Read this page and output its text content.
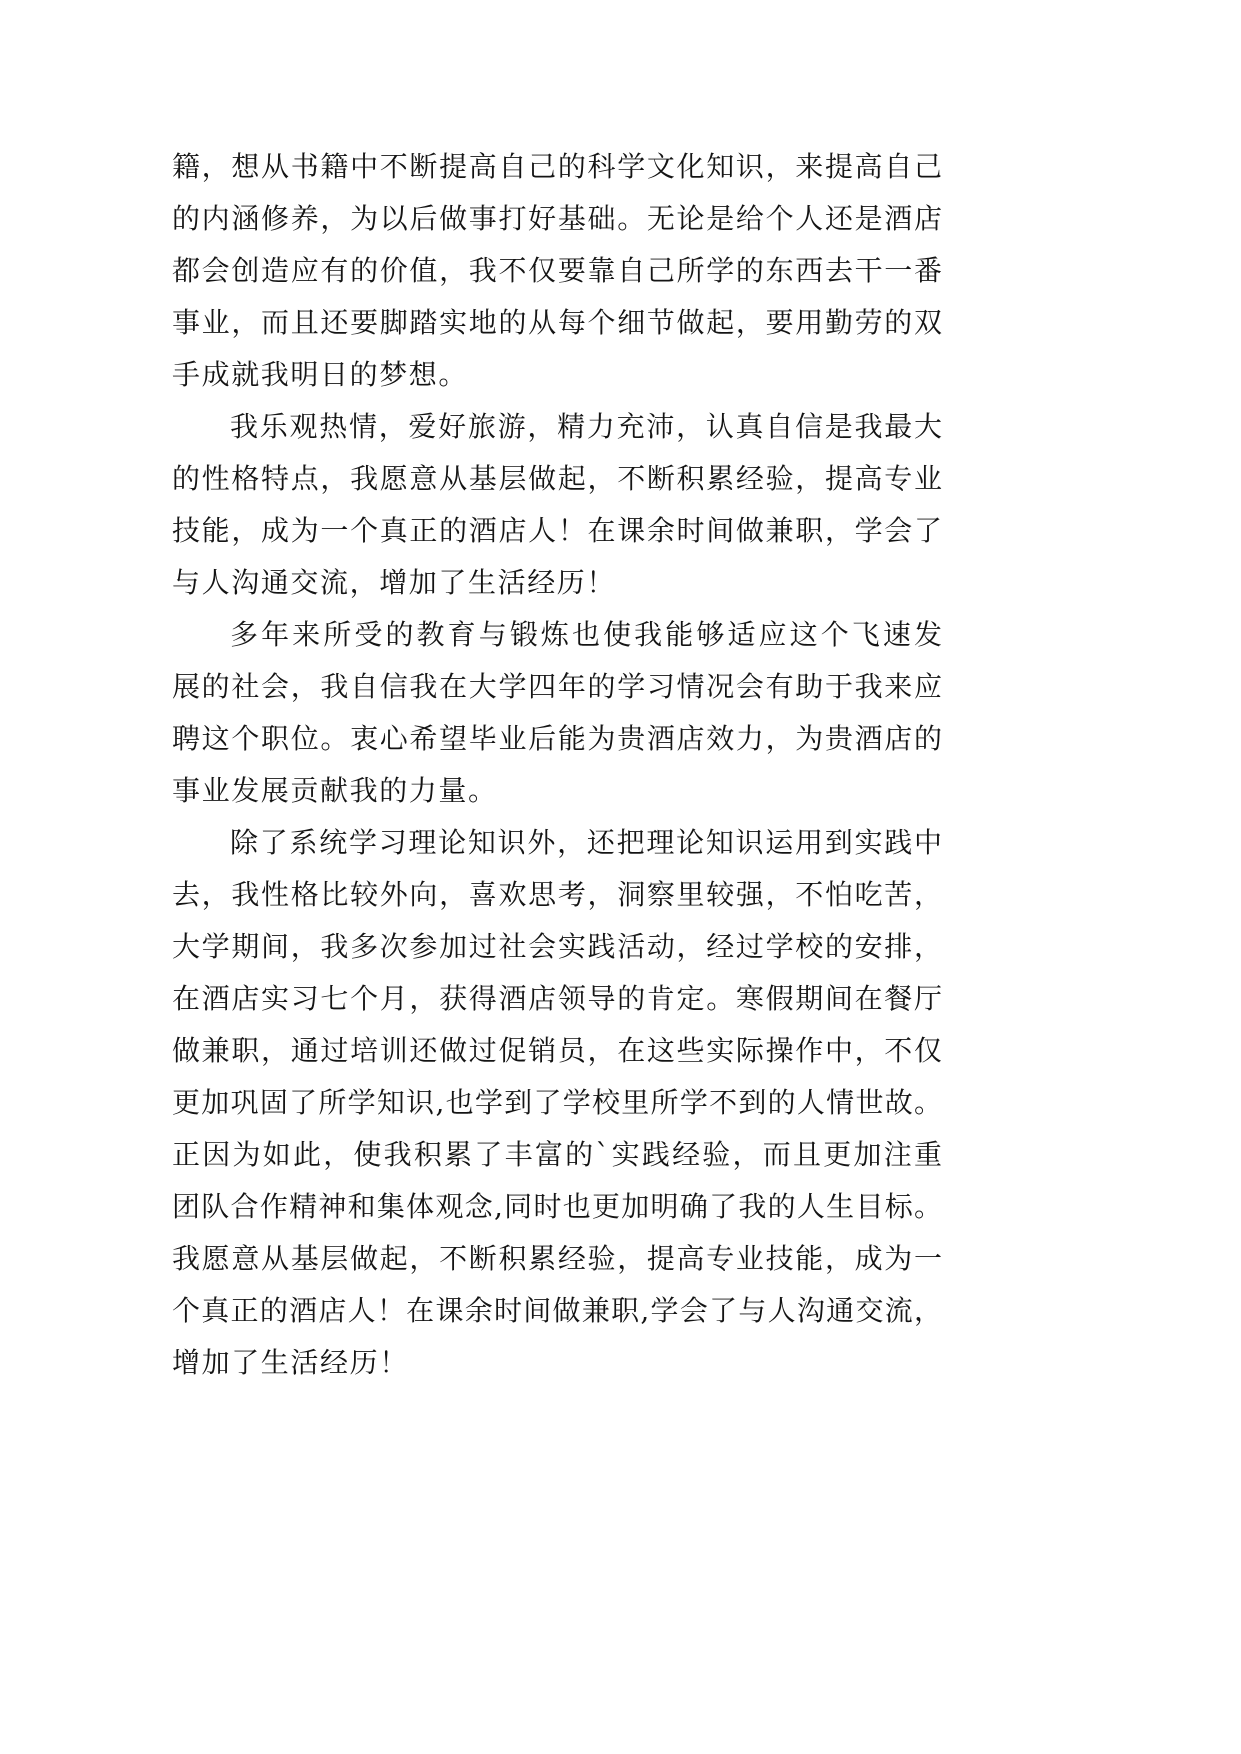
籍，想从书籍中不断提高自己的科学文化知识，来提高自己
的内涵修养，为以后做事打好基础。无论是给个人还是酒店
都会创造应有的价值，我不仅要靠自己所学的东西去干一番
事业，而且还要脚踏实地的从每个细节做起，要用勤劳的双
手成就我明日的梦想。
我乐观热情，爱好旅游，精力充沛，认真自信是我最大
的性格特点，我愿意从基层做起，不断积累经验，提高专业
技能，成为一个真正的酒店人！在课余时间做兼职，学会了
与人沟通交流，增加了生活经历！
多年来所受的教育与锻炼也使我能够适应这个飞速发
展的社会，我自信我在大学四年的学习情况会有助于我来应
聘这个职位。衷心希望毕业后能为贵酒店效力，为贵酒店的
事业发展贡献我的力量。
除了系统学习理论知识外，还把理论知识运用到实践中
去，我性格比较外向，喜欢思考，洞察里较强，不怕吃苦，
大学期间，我多次参加过社会实践活动，经过学校的安排，
在酒店实习七个月，获得酒店领导的肯定。寒假期间在餐厅
做兼职，通过培训还做过促销员，在这些实际操作中，不仅
更加巩固了所学知识,也学到了学校里所学不到的人情世故。
正因为如此，使我积累了丰富的`实践经验，而且更加注重
团队合作精神和集体观念,同时也更加明确了我的人生目标。
我愿意从基层做起，不断积累经验，提高专业技能，成为一
个真正的酒店人！在课余时间做兼职,学会了与人沟通交流，
增加了生活经历！
